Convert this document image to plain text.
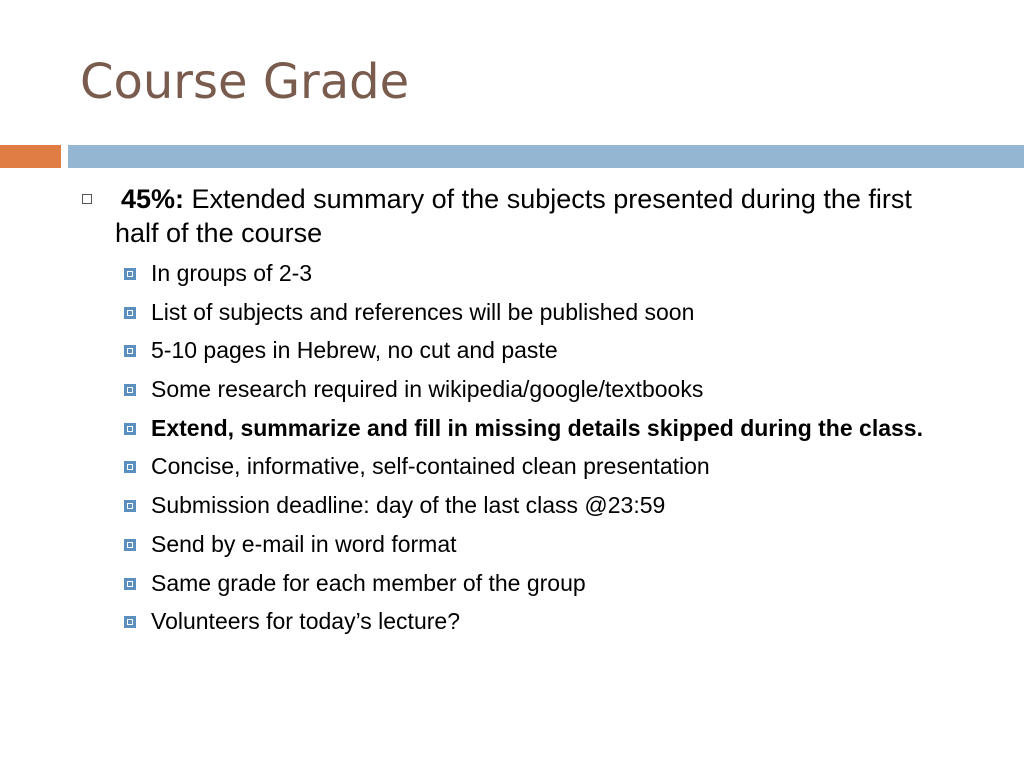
Course Grade
45%: Extended summary of the subjects presented during the first half of the course
In groups of 2-3
List of subjects and references will be published soon
5-10 pages in Hebrew, no cut and paste
Some research required in wikipedia/google/textbooks
Extend, summarize and fill in missing details skipped during the class.
Concise, informative, self-contained clean presentation
Submission deadline: day of the last class @23:59
Send by e-mail in word format
Same grade for each member of the group
Volunteers for today’s lecture?
